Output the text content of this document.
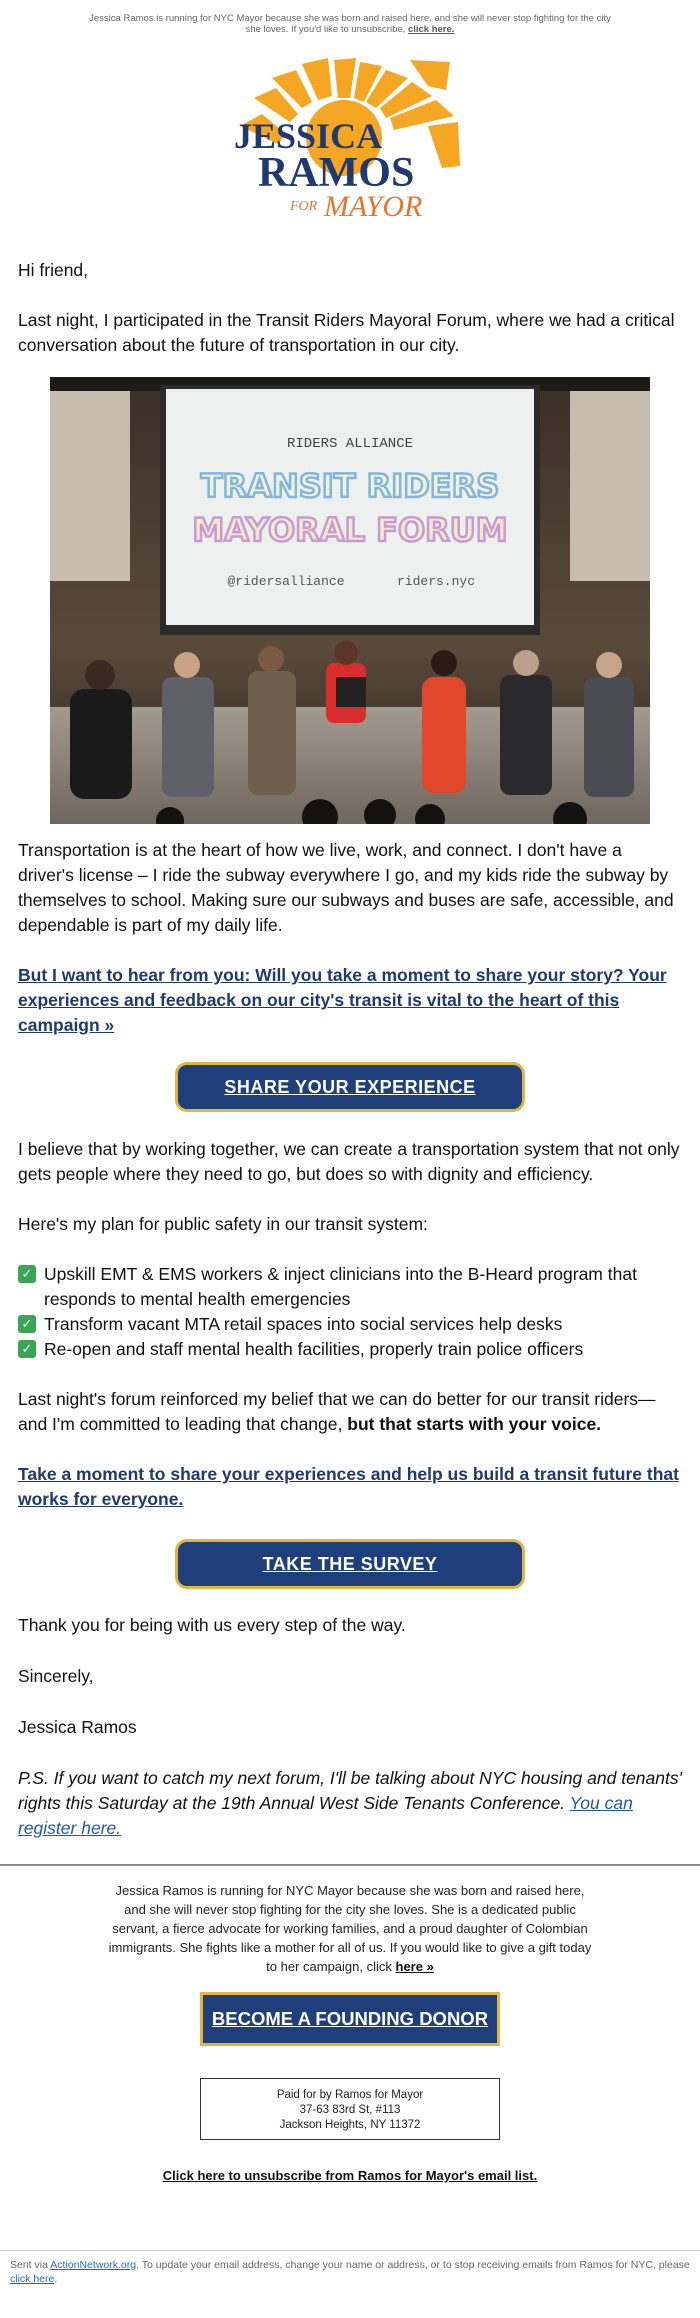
Jessica Ramos is running for NYC Mayor because she was born and raised here, and she will never stop fighting for the city she loves. If you'd like to unsubscribe, click here.
JESSICA
RAMOS
FOR MAYOR

Hi friend,

Last night, I participated in the Transit Riders Mayoral Forum, where we had a critical conversation about the future of transportation in our city.

RIDERS ALLIANCE
TRANSIT RIDERS
MAYORAL FORUM
@ridersalliance	riders.nyc

Transportation is at the heart of how we live, work, and connect. I don't have a driver's license – I ride the subway everywhere I go, and my kids ride the subway by themselves to school. Making sure our subways and buses are safe, accessible, and dependable is part of my daily life.

But I want to hear from you: Will you take a moment to share your story? Your experiences and feedback on our city's transit is vital to the heart of this campaign »
SHARE YOUR EXPERIENCE

I believe that by working together, we can create a transportation system that not only gets people where they need to go, but does so with dignity and efficiency.

Here's my plan for public safety in our transit system:

✓ Upskill EMT & EMS workers & inject clinicians into the B-Heard program that responds to mental health emergencies
✓ Transform vacant MTA retail spaces into social services help desks
✓ Re-open and staff mental health facilities, properly train police officers

Last night's forum reinforced my belief that we can do better for our transit riders—and I'm committed to leading that change, but that starts with your voice.

Take a moment to share your experiences and help us build a transit future that works for everyone.
TAKE THE SURVEY

Thank you for being with us every step of the way.

Sincerely,

Jessica Ramos

P.S. If you want to catch my next forum, I'll be talking about NYC housing and tenants' rights this Saturday at the 19th Annual West Side Tenants Conference. You can register here.

Jessica Ramos is running for NYC Mayor because she was born and raised here, and she will never stop fighting for the city she loves. She is a dedicated public servant, a fierce advocate for working families, and a proud daughter of Colombian immigrants. She fights like a mother for all of us. If you would like to give a gift today to her campaign, click here »

BECOME A FOUNDING DONOR
Paid for by Ramos for Mayor
37-63 83rd St, #113
Jackson Heights, NY 11372
Click here to unsubscribe from Ramos for Mayor's email list.

Sent via ActionNetwork.org. To update your email address, change your name or address, or to stop receiving emails from Ramos for NYC, please click here.
